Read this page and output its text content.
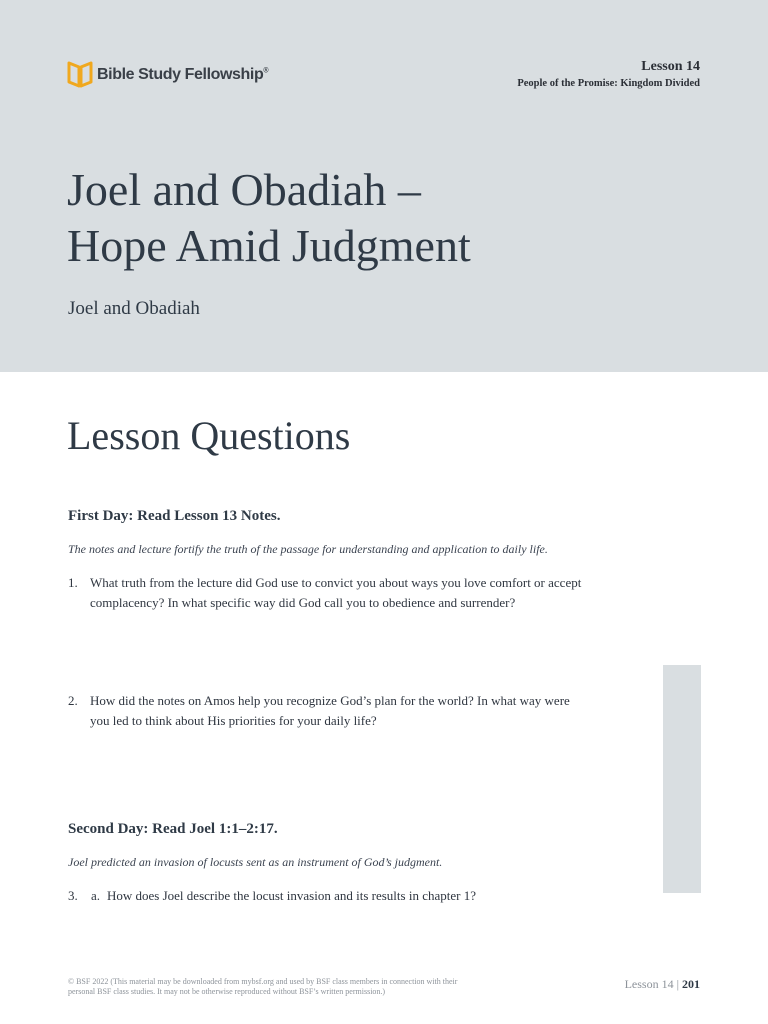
Bible Study Fellowship®	Lesson 14
People of the Promise: Kingdom Divided
Joel and Obadiah –
Hope Amid Judgment
Joel and Obadiah
Lesson Questions
First Day: Read Lesson 13 Notes.
The notes and lecture fortify the truth of the passage for understanding and application to daily life.
1. What truth from the lecture did God use to convict you about ways you love comfort or accept complacency? In what specific way did God call you to obedience and surrender?
2. How did the notes on Amos help you recognize God’s plan for the world? In what way were you led to think about His priorities for your daily life?
Second Day: Read Joel 1:1–2:17.
Joel predicted an invasion of locusts sent as an instrument of God’s judgment.
3. a. How does Joel describe the locust invasion and its results in chapter 1?
© BSF 2022 (This material may be downloaded from mybsf.org and used by BSF class members in connection with their personal BSF class studies. It may not be otherwise reproduced without BSF’s written permission.)
Lesson 14 | 201
